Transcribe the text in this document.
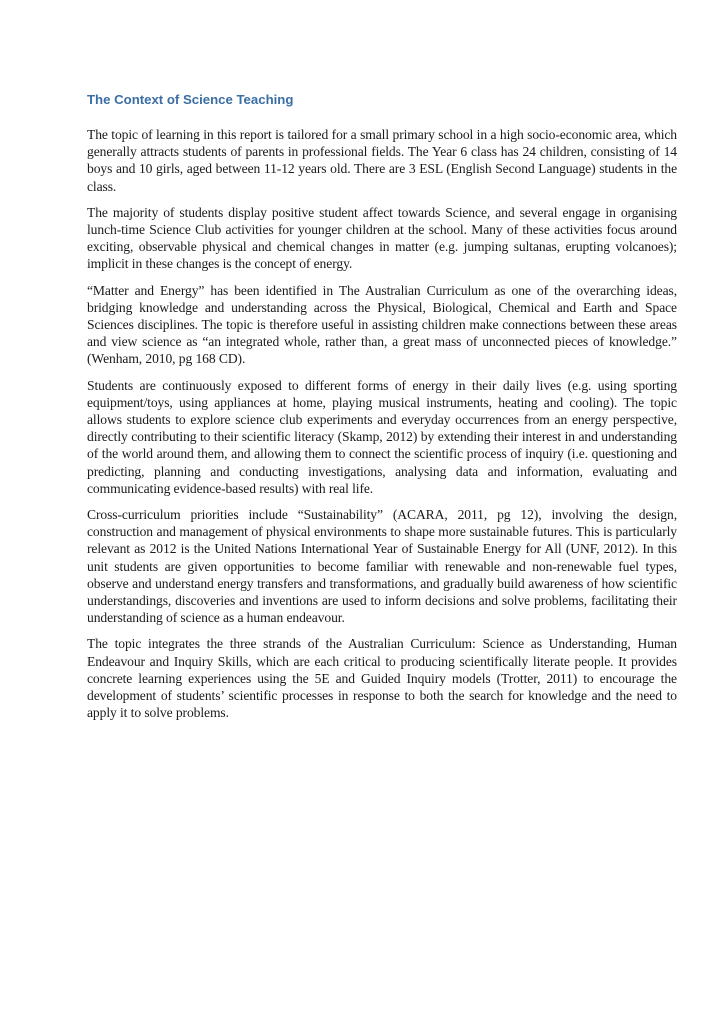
The Context of Science Teaching

The topic of learning in this report is tailored for a small primary school in a high socio-economic area, which generally attracts students of parents in professional fields. The Year 6 class has 24 children, consisting of 14 boys and 10 girls, aged between 11-12 years old. There are 3 ESL (English Second Language) students in the class.

The majority of students display positive student affect towards Science, and several engage in organising lunch-time Science Club activities for younger children at the school. Many of these activities focus around exciting, observable physical and chemical changes in matter (e.g. jumping sultanas, erupting volcanoes); implicit in these changes is the concept of energy.

“Matter and Energy” has been identified in The Australian Curriculum as one of the overarching ideas, bridging knowledge and understanding across the Physical, Biological, Chemical and Earth and Space Sciences disciplines. The topic is therefore useful in assisting children make connections between these areas and view science as “an integrated whole, rather than, a great mass of unconnected pieces of knowledge.” (Wenham, 2010, pg 168 CD).

Students are continuously exposed to different forms of energy in their daily lives (e.g. using sporting equipment/toys, using appliances at home, playing musical instruments, heating and cooling). The topic allows students to explore science club experiments and everyday occurrences from an energy perspective, directly contributing to their scientific literacy (Skamp, 2012) by extending their interest in and understanding of the world around them, and allowing them to connect the scientific process of inquiry (i.e. questioning and predicting, planning and conducting investigations, analysing data and information, evaluating and communicating evidence-based results) with real life.

Cross-curriculum priorities include “Sustainability” (ACARA, 2011, pg 12), involving the design, construction and management of physical environments to shape more sustainable futures. This is particularly relevant as 2012 is the United Nations International Year of Sustainable Energy for All (UNF, 2012). In this unit students are given opportunities to become familiar with renewable and non-renewable fuel types, observe and understand energy transfers and transformations, and gradually build awareness of how scientific understandings, discoveries and inventions are used to inform decisions and solve problems, facilitating their understanding of science as a human endeavour.

The topic integrates the three strands of the Australian Curriculum: Science as Understanding, Human Endeavour and Inquiry Skills, which are each critical to producing scientifically literate people. It provides concrete learning experiences using the 5E and Guided Inquiry models (Trotter, 2011) to encourage the development of students’ scientific processes in response to both the search for knowledge and the need to apply it to solve problems.
